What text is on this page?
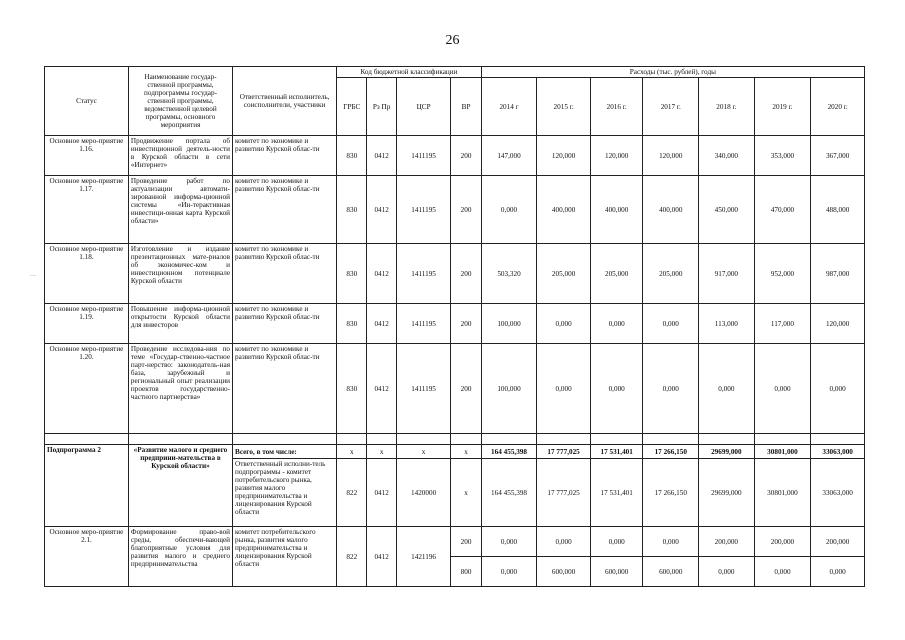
26
…
Статус	Наименование государ-ственной программы, подпрограммы государ-ственной программы, ведомственной целевой программы, основного мероприятия	Ответственный исполнитель, соисполнители, участники	Код бюджетной классификации				Расходы (тыс. рублей), годы						
			ГРБС	Рз Пр	ЦСР	ВР	2014 г	2015 г.	2016 г.	2017 г.	2018 г.	2019 г.	2020 г.
Основное меро-приятие 1.16.	Продвижение портала об инвестиционной деятель-ности в Курской области в сети «Интернет»	комитет по экономике и развитию Курской облас-ти	830	0412	1411195	200	147,000	120,000	120,000	120,000	340,000	353,000	367,000
Основное меро-приятие 1.17.	Проведение работ по актуализации автомати-зированной информа-ционной системы «Ин-терактивная инвестици-онная карта Курской области»	комитет по экономике и развитию Курской облас-ти	830	0412	1411195	200	0,000	400,000	400,000	400,000	450,000	470,000	488,000
Основное меро-приятие 1.18.	Изготовление и издание презентационных мате-риалов об экономичес-ком и инвестиционном потенциале Курской области	комитет по экономике и развитию Курской облас-ти	830	0412	1411195	200	503,320	205,000	205,000	205,000	917,000	952,000	987,000
Основное меро-приятие 1.19.	Повышение информа-ционной открытости Курской области для инвесторов	комитет по экономике и развитию Курской облас-ти	830	0412	1411195	200	100,000	0,000	0,000	0,000	113,000	117,000	120,000
Основное меро-приятие 1.20.	Проведение исследова-ния по теме «Государ-ственно-частное парт-нерство: законодатель-ная база, зарубежный и региональный опыт реализации проектов государственно-частного партнерства»	комитет по экономике и развитию Курской облас-ти	830	0412	1411195	200	100,000	0,000	0,000	0,000	0,000	0,000	0,000

Подпрограмма 2	«Развитие малого и среднего предприни-мательства в Курской области»	Всего, в том числе:	х	х	х	х	164 455,398	17 777,025	17 531,401	17 266,150	29699,000	30801,000	33063,000
		Ответственный исполни-тель подпрограммы - комитет потребительского рынка, развития малого предпринимательства и лицензирования Курской области	822	0412	1420000	х	164 455,398	17 777,025	17 531,401	17 266,150	29699,000	30801,000	33063,000
Основное меро-приятие 2.1.	Формирование право-вой среды, обеспечи-вающей благоприятные условия для развития малого и среднего предпринимательства	комитет потребительского рынка, развития малого предпринимательства и лицензирования Курской области	822	0412	1421196	200	0,000	0,000	0,000	0,000	200,000	200,000	200,000
						800	0,000	600,000	600,000	600,000	0,000	0,000	0,000
